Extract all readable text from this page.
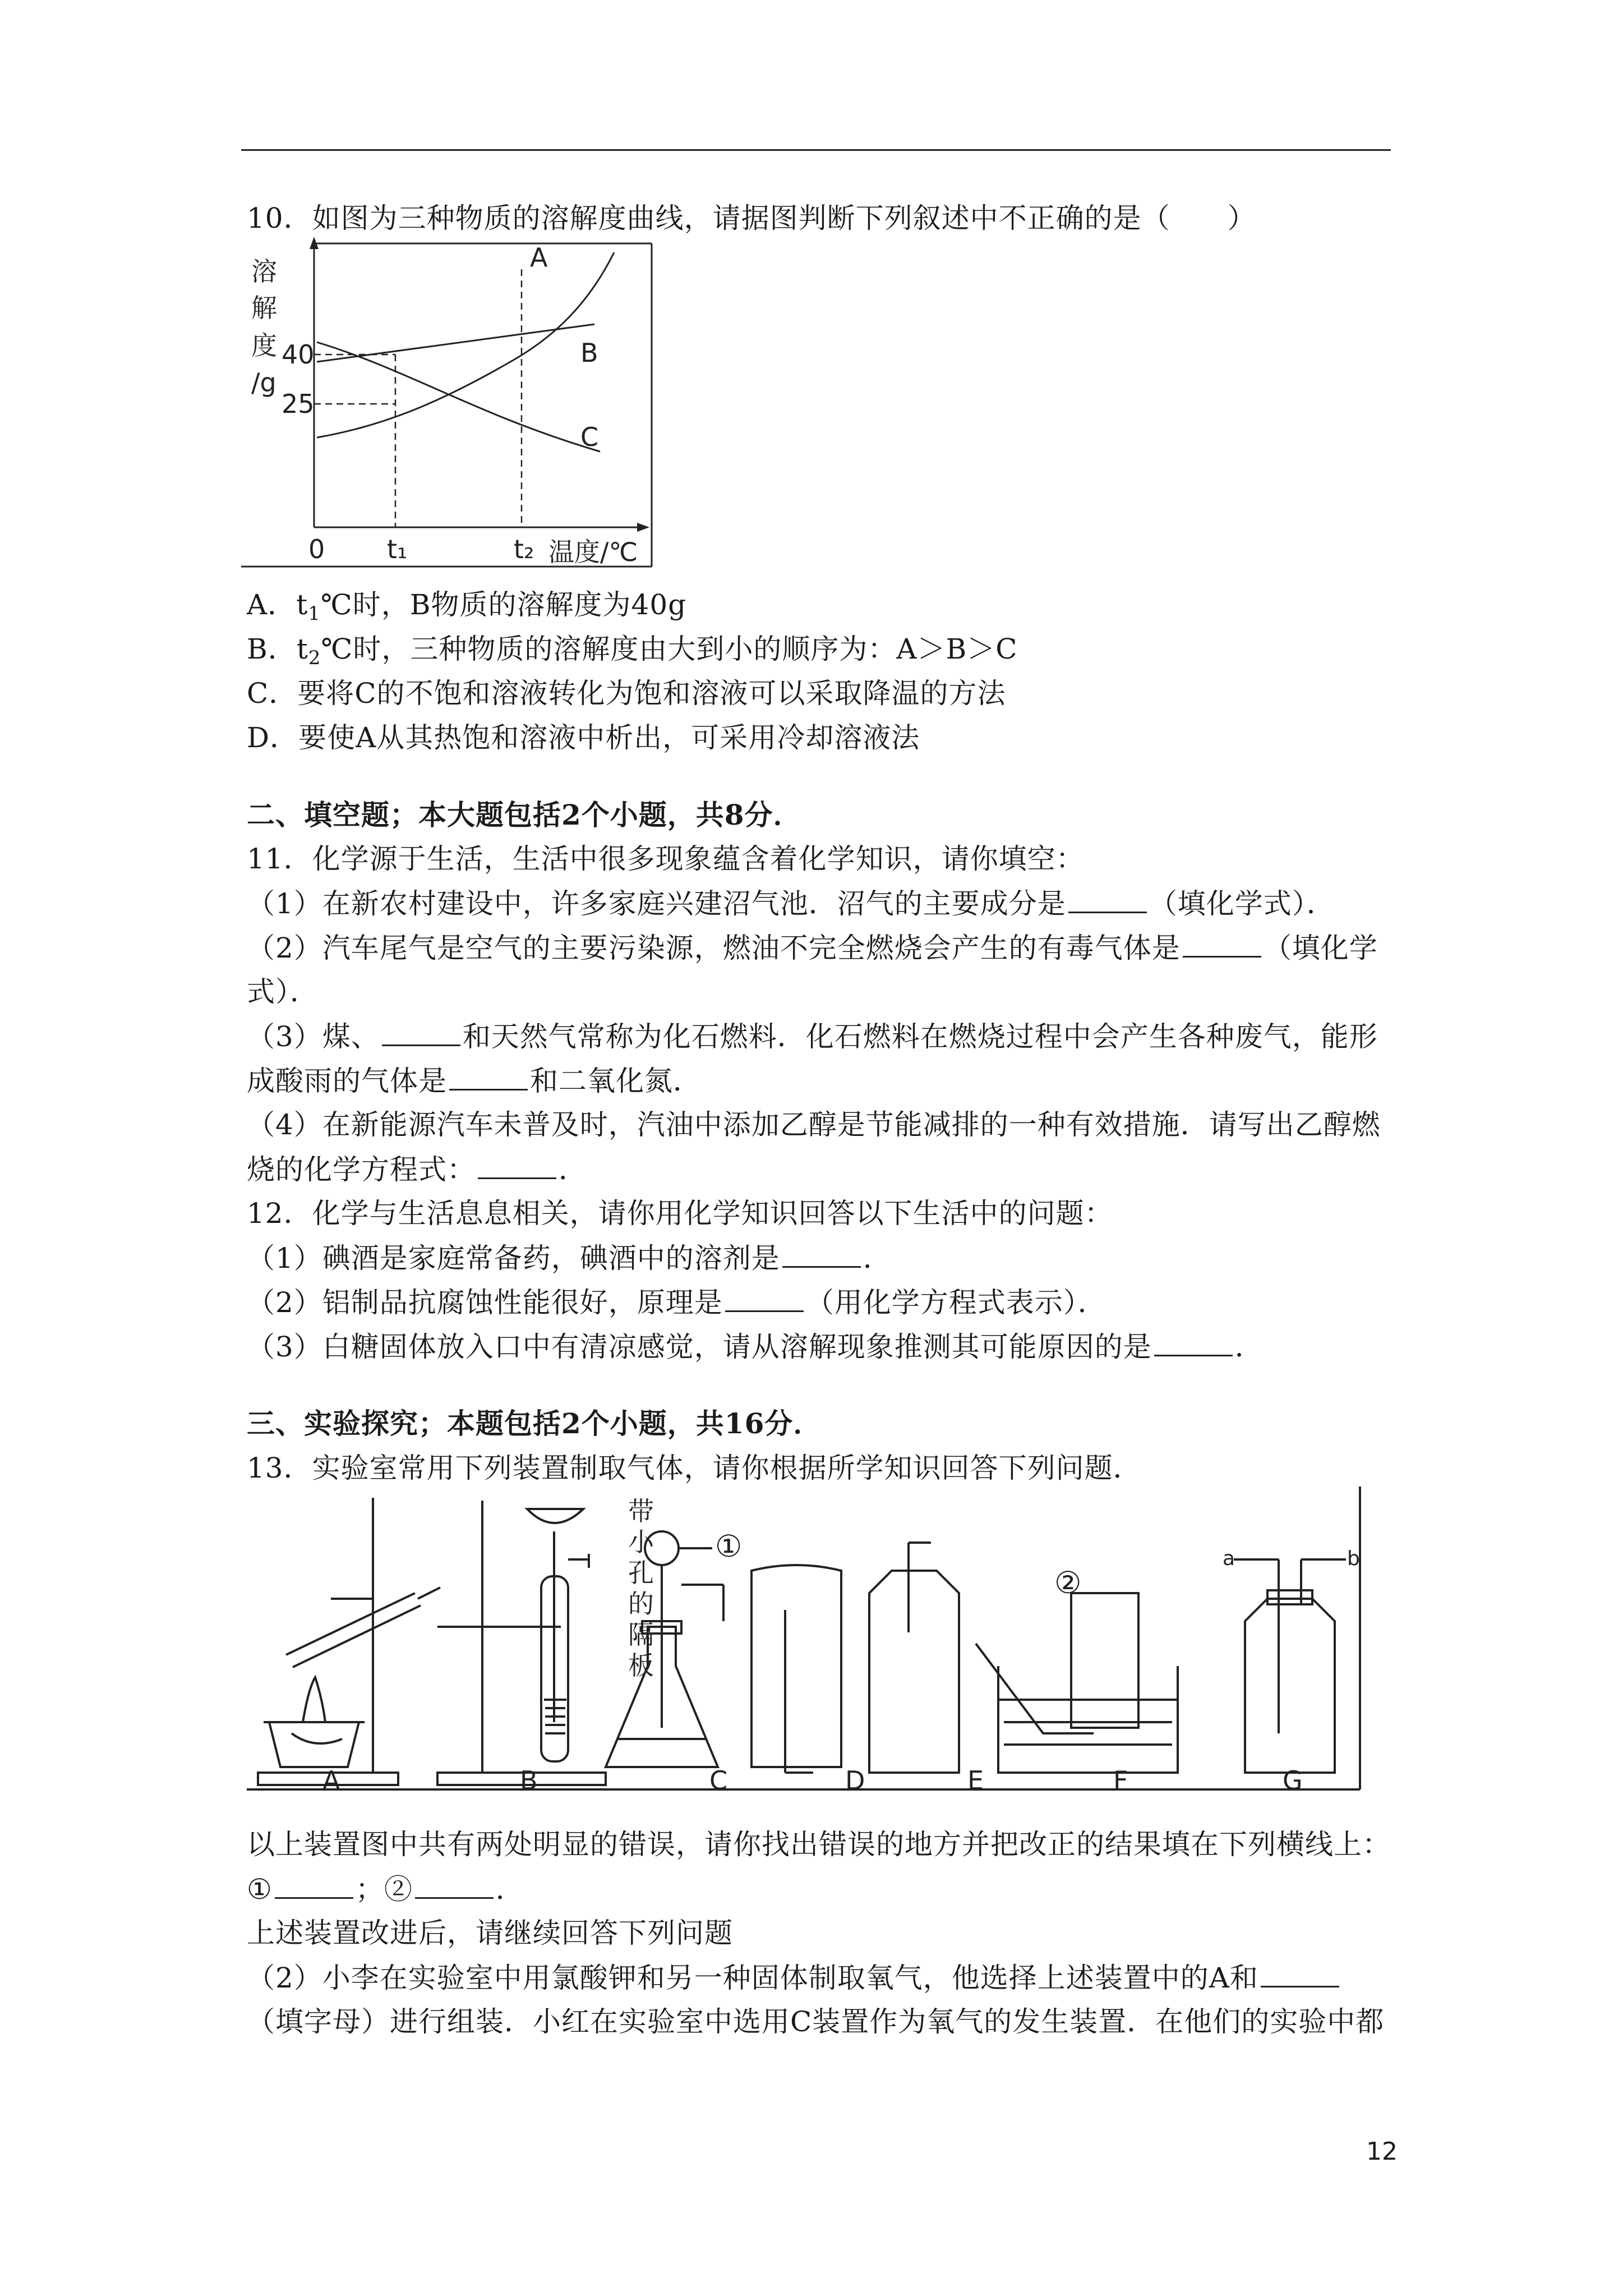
10．如图为三种物质的溶解度曲线，请据图判断下列叙述中不正确的是（　　）
溶
解
度
/g
40
25
0 t₁	t₂ 温度/℃
A
B
C
A．$t_1℃$时，B物质的溶解度为40g
B．$t_2℃$时，三种物质的溶解度由大到小的顺序为：A＞B＞C
C．要将C的不饱和溶液转化为饱和溶液可以采取降温的方法
D．要使A从其热饱和溶液中析出，可采用冷却溶液法
二、填空题；本大题包括2个小题，共8分．
11．化学源于生活，生活中很多现象蕴含着化学知识，请你填空：
（1）在新农村建设中，许多家庭兴建沼气池．沼气的主要成分是	（填化学式）．
（2）汽车尾气是空气的主要污染源，燃油不完全燃烧会产生的有毒气体是	（填化学
式）．
（3）煤、	和天然气常称为化石燃料．化石燃料在燃烧过程中会产生各种废气，能形
成酸雨的气体是	和二氧化氮．
（4）在新能源汽车未普及时，汽油中添加乙醇是节能减排的一种有效措施．请写出乙醇燃
烧的化学方程式：	．
12．化学与生活息息相关，请你用化学知识回答以下生活中的问题：
（1）碘酒是家庭常备药，碘酒中的溶剂是	．
（2）铝制品抗腐蚀性能很好，原理是	（用化学方程式表示）．
（3）白糖固体放入口中有清凉感觉，请从溶解现象推测其可能原因的是	．
三、实验探究；本题包括2个小题，共16分．
13．实验室常用下列装置制取气体，请你根据所学知识回答下列问题．
带
小
孔
的
隔
板
①
②
a	b
A	B	C	D	E	F	G
以上装置图中共有两处明显的错误，请你找出错误的地方并把改正的结果填在下列横线上：
①	；②	．
上述装置改进后，请继续回答下列问题
（2）小李在实验室中用氯酸钾和另一种固体制取氧气，他选择上述装置中的A和
（填字母）进行组装．小红在实验室中选用C装置作为氧气的发生装置．在他们的实验中都
12
